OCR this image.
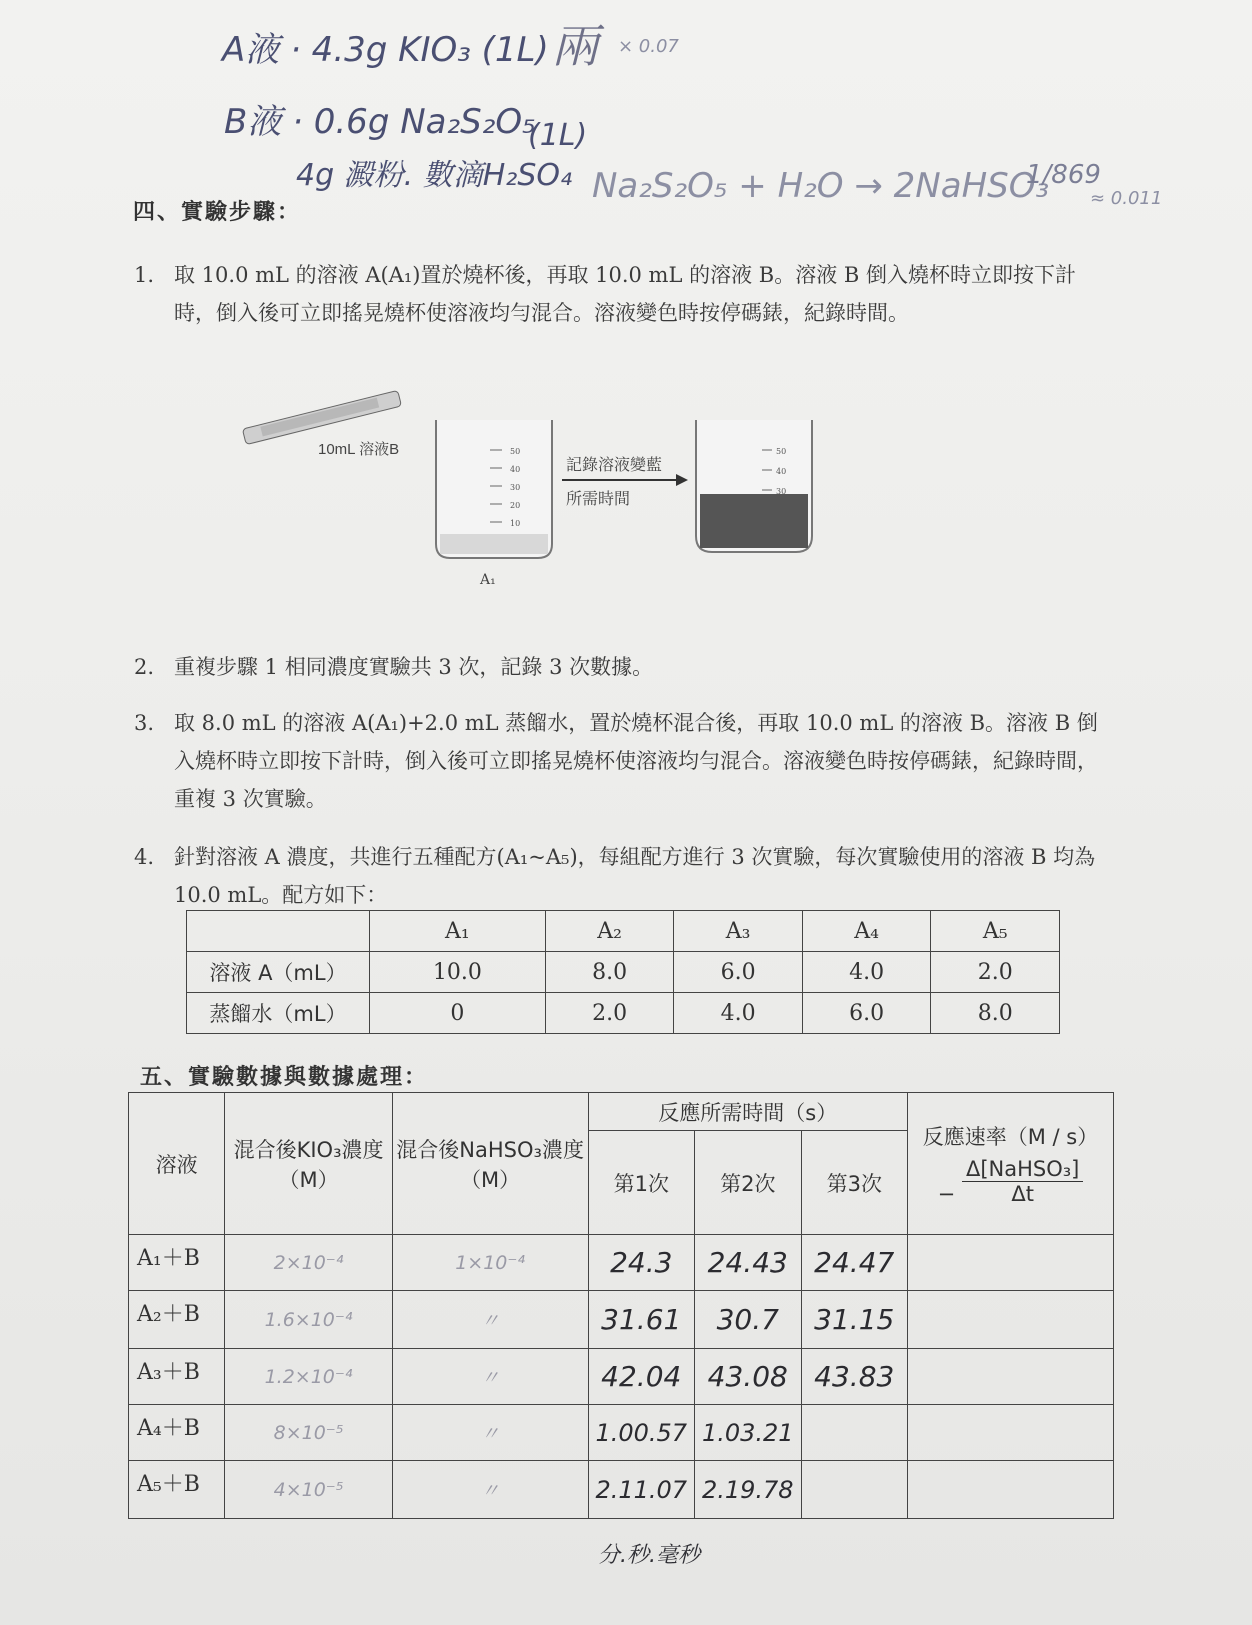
A液 · 4.3g KIO₃ (1L)
B液 · 0.6g Na₂S₂O₅
4g 澱粉. 數滴H₂SO₄
(1L)
兩 × 0.07
Na₂S₂O₅ + H₂O → 2NaHSO₃
1/869
≈ 0.011
四、實驗步驟：
1. 取 10.0 mL 的溶液 A(A₁)置於燒杯後，再取 10.0 mL 的溶液 B。溶液 B 倒入燒杯時立即按下計時，倒入後可立即搖晃燒杯使溶液均勻混合。溶液變色時按停碼錶，紀錄時間。
10mL 溶液B	50
40
30
20
10
A₁
記錄溶液變藍
所需時間
50
40
30
2. 重複步驟 1 相同濃度實驗共 3 次，記錄 3 次數據。
3. 取 8.0 mL 的溶液 A(A₁)+2.0 mL 蒸餾水，置於燒杯混合後，再取 10.0 mL 的溶液 B。溶液 B 倒入燒杯時立即按下計時，倒入後可立即搖晃燒杯使溶液均勻混合。溶液變色時按停碼錶，紀錄時間，重複 3 次實驗。
4. 針對溶液 A 濃度，共進行五種配方(A₁~A₅)，每組配方進行 3 次實驗，每次實驗使用的溶液 B 均為 10.0 mL。配方如下：
	A₁	A₂	A₃	A₄	A₅
溶液 A（mL）	10.0	8.0	6.0	4.0	2.0
蒸餾水（mL）	0	2.0	4.0	6.0	8.0
五、實驗數據與數據處理：
溶液	混合後KIO₃濃度（M）	混合後NaHSO₃濃度（M）	反應所需時間（s）			反應速率（M / s）
− $\frac{\text{Δ[NaHSO₃]}}{\Delta t}$

			第1次	第2次	第3次	
A₁＋B	2×10⁻⁴	1×10⁻⁴	24.3	24.43	24.47	
A₂＋B	1.6×10⁻⁴	〃	31.61	30.7	31.15	
A₃＋B	1.2×10⁻⁴	〃	42.04	43.08	43.83	
A₄＋B	8×10⁻⁵	〃	1.00.57	1.03.21		
A₅＋B	4×10⁻⁵	〃	2.11.07	2.19.78		
分.秒.毫秒
